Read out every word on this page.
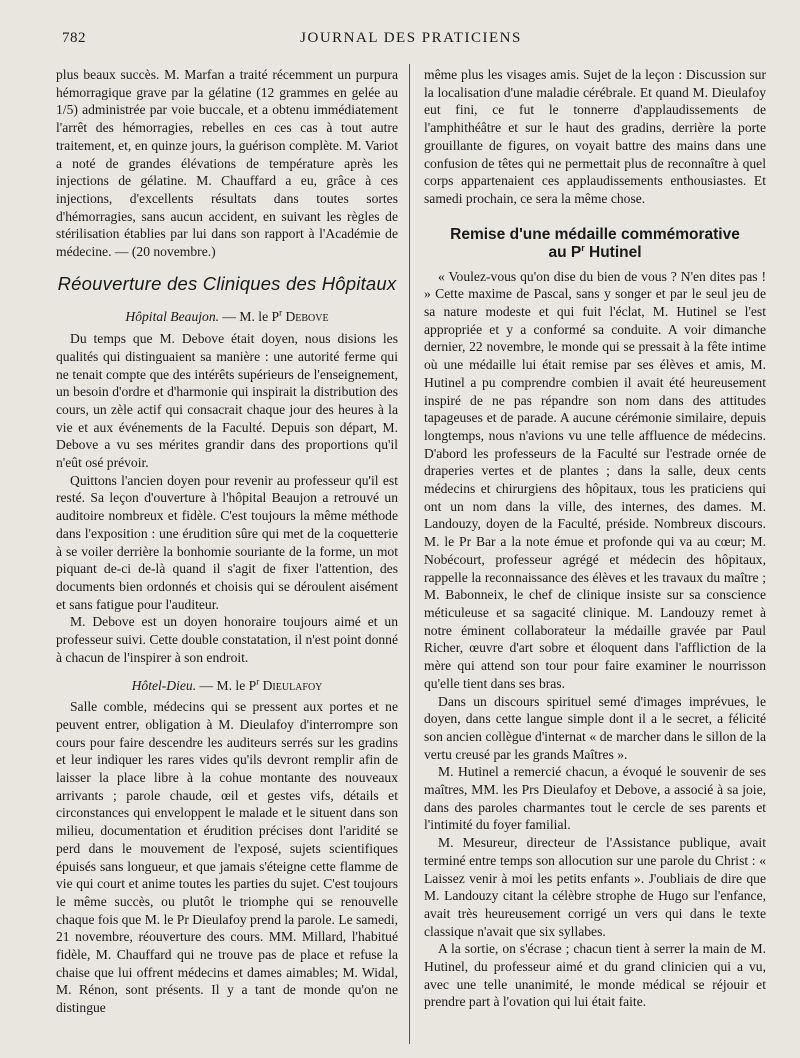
782	JOURNAL DES PRATICIENS

plus beaux succès. M. Marfan a traité récemment un purpura hémorragique grave par la gélatine (12 grammes en gelée au 1/5) administrée par voie buccale, et a obtenu immédiatement l'arrêt des hémorragies, rebelles en ces cas à tout autre traitement, et, en quinze jours, la guérison complète. M. Variot a noté de grandes élévations de température après les injections de gélatine. M. Chauffard a eu, grâce à ces injections, d'excellents résultats dans toutes sortes d'hémorragies, sans aucun accident, en suivant les règles de stérilisation établies par lui dans son rapport à l'Académie de médecine. — (20 novembre.)

Réouverture des Cliniques des Hôpitaux
Hôpital Beaujon. — M. le $P^r$ Debove

Du temps que M. Debove était doyen, nous disions les qualités qui distinguaient sa manière : une autorité ferme qui ne tenait compte que des intérêts supérieurs de l'enseignement, un besoin d'ordre et d'harmonie qui inspirait la distribution des cours, un zèle actif qui consacrait chaque jour des heures à la vie et aux événements de la Faculté. Depuis son départ, M. Debove a vu ses mérites grandir dans des proportions qu'il n'eût osé prévoir.

Quittons l'ancien doyen pour revenir au professeur qu'il est resté. Sa leçon d'ouverture à l'hôpital Beaujon a retrouvé un auditoire nombreux et fidèle. C'est toujours la même méthode dans l'exposition : une érudition sûre qui met de la coquetterie à se voiler derrière la bonhomie souriante de la forme, un mot piquant de-ci de-là quand il s'agit de fixer l'attention, des documents bien ordonnés et choisis qui se déroulent aisément et sans fatigue pour l'auditeur.

M. Debove est un doyen honoraire toujours aimé et un professeur suivi. Cette double constatation, il n'est point donné à chacun de l'inspirer à son endroit.

Hôtel-Dieu. — M. le $P^r$ Dieulafoy

Salle comble, médecins qui se pressent aux portes et ne peuvent entrer, obligation à M. Dieulafoy d'interrompre son cours pour faire descendre les auditeurs serrés sur les gradins et leur indiquer les rares vides qu'ils devront remplir afin de laisser la place libre à la cohue montante des nouveaux arrivants ; parole chaude, œil et gestes vifs, détails et circonstances qui enveloppent le malade et le situent dans son milieu, documentation et érudition précises dont l'aridité se perd dans le mouvement de l'exposé, sujets scientifiques épuisés sans longueur, et que jamais s'éteigne cette flamme de vie qui court et anime toutes les parties du sujet. C'est toujours le même succès, ou plutôt le triomphe qui se renouvelle chaque fois que M. le Pr Dieulafoy prend la parole. Le samedi, 21 novembre, réouverture des cours. MM. Millard, l'habitué fidèle, M. Chauffard qui ne trouve pas de place et refuse la chaise que lui offrent médecins et dames aimables; M. Widal, M. Rénon, sont présents. Il y a tant de monde qu'on ne distingue

même plus les visages amis. Sujet de la leçon : Discussion sur la localisation d'une maladie cérébrale. Et quand M. Dieulafoy eut fini, ce fut le tonnerre d'applaudissements de l'amphithéâtre et sur le haut des gradins, derrière la porte grouillante de figures, on voyait battre des mains dans une confusion de têtes qui ne permettait plus de reconnaître à quel corps appartenaient ces applaudissements enthousiastes. Et samedi prochain, ce sera la même chose.

Remise d'une médaille commémorative
au $P^r$ Hutinel

« Voulez-vous qu'on dise du bien de vous ? N'en dites pas ! » Cette maxime de Pascal, sans y songer et par le seul jeu de sa nature modeste et qui fuit l'éclat, M. Hutinel se l'est appropriée et y a conformé sa conduite. A voir dimanche dernier, 22 novembre, le monde qui se pressait à la fête intime où une médaille lui était remise par ses élèves et amis, M. Hutinel a pu comprendre combien il avait été heureusement inspiré de ne pas répandre son nom dans des attitudes tapageuses et de parade. A aucune cérémonie similaire, depuis longtemps, nous n'avions vu une telle affluence de médecins. D'abord les professeurs de la Faculté sur l'estrade ornée de draperies vertes et de plantes ; dans la salle, deux cents médecins et chirurgiens des hôpitaux, tous les praticiens qui ont un nom dans la ville, des internes, des dames. M. Landouzy, doyen de la Faculté, préside. Nombreux discours. M. le Pr Bar a la note émue et profonde qui va au cœur; M. Nobécourt, professeur agrégé et médecin des hôpitaux, rappelle la reconnaissance des élèves et les travaux du maître ; M. Babonneix, le chef de clinique insiste sur sa conscience méticuleuse et sa sagacité clinique. M. Landouzy remet à notre éminent collaborateur la médaille gravée par Paul Richer, œuvre d'art sobre et éloquent dans l'affliction de la mère qui attend son tour pour faire examiner le nourrisson qu'elle tient dans ses bras.

Dans un discours spirituel semé d'images imprévues, le doyen, dans cette langue simple dont il a le secret, a félicité son ancien collègue d'internat « de marcher dans le sillon de la vertu creusé par les grands Maîtres ».

M. Hutinel a remercié chacun, a évoqué le souvenir de ses maîtres, MM. les Prs Dieulafoy et Debove, a associé à sa joie, dans des paroles charmantes tout le cercle de ses parents et l'intimité du foyer familial.

M. Mesureur, directeur de l'Assistance publique, avait terminé entre temps son allocution sur une parole du Christ : « Laissez venir à moi les petits enfants ». J'oubliais de dire que M. Landouzy citant la célèbre strophe de Hugo sur l'enfance, avait très heureusement corrigé un vers qui dans le texte classique n'avait que six syllabes.

A la sortie, on s'écrase ; chacun tient à serrer la main de M. Hutinel, du professeur aimé et du grand clinicien qui a vu, avec une telle unanimité, le monde médical se réjouir et prendre part à l'ovation qui lui était faite.
